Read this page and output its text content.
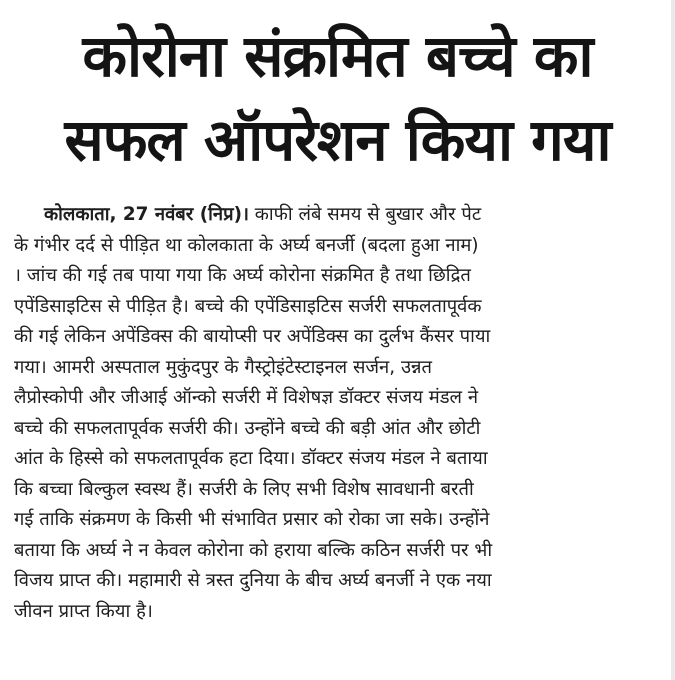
कोरोना संक्रमित बच्चे का
सफल ऑपरेशन किया गया
कोलकाता, 27 नवंबर (निप्र)। काफी लंबे समय से बुखार और पेट
के गंभीर दर्द से पीड़ित था कोलकाता के अर्घ्य बनर्जी (बदला हुआ नाम)
। जांच की गई तब पाया गया कि अर्घ्य कोरोना संक्रमित है तथा छिद्रित
एपेंडिसाइटिस से पीड़ित है। बच्चे की एपेंडिसाइटिस सर्जरी सफलतापूर्वक
की गई लेकिन अपेंडिक्स की बायोप्सी पर अपेंडिक्स का दुर्लभ कैंसर पाया
गया। आमरी अस्पताल मुकुंदपुर के गैस्ट्रोइंटेस्टाइनल सर्जन, उन्नत
लैप्रोस्कोपी और जीआई ऑन्को सर्जरी में विशेषज्ञ डॉक्टर संजय मंडल ने
बच्चे की सफलतापूर्वक सर्जरी की। उन्होंने बच्चे की बड़ी आंत और छोटी
आंत के हिस्से को सफलतापूर्वक हटा दिया। डॉक्टर संजय मंडल ने बताया
कि बच्चा बिल्कुल स्वस्थ हैं। सर्जरी के लिए सभी विशेष सावधानी बरती
गई ताकि संक्रमण के किसी भी संभावित प्रसार को रोका जा सके। उन्होंने
बताया कि अर्घ्य ने न केवल कोरोना को हराया बल्कि कठिन सर्जरी पर भी
विजय प्राप्त की। महामारी से त्रस्त दुनिया के बीच अर्घ्य बनर्जी ने एक नया
जीवन प्राप्त किया है।
